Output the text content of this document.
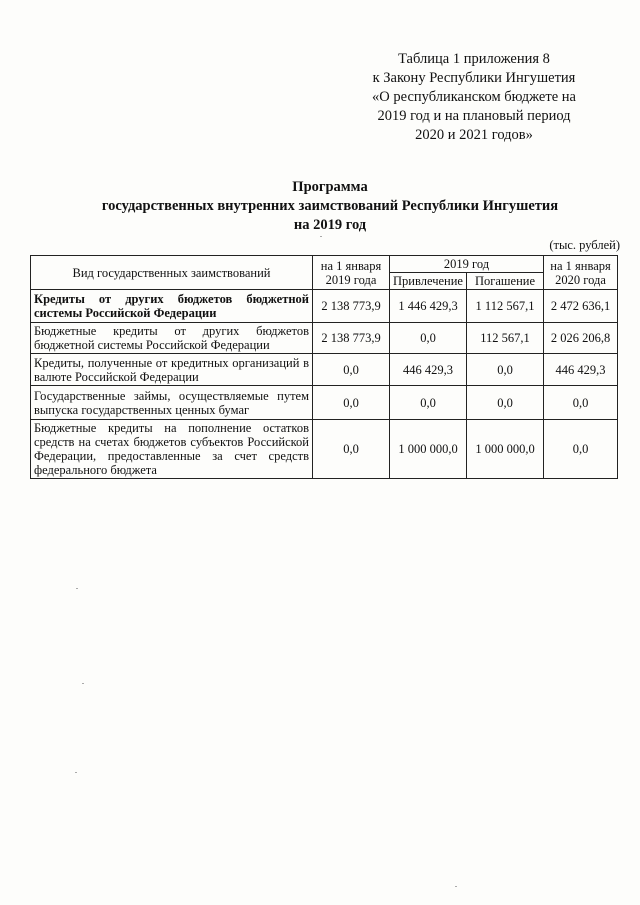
Таблица 1 приложения 8
к Закону Республики Ингушетия
«О республиканском бюджете на
2019 год и на плановый период
2020 и 2021 годов»
Программа
государственных внутренних заимствований Республики Ингушетия
на 2019 год
(тыс. рублей)
Вид государственных заимствований	на 1 января 2019 года	2019 год		на 1 января 2020 года
		Привлечение	Погашение	
Кредиты от других бюджетов бюджетной системы Российской Федерации	2 138 773,9	1 446 429,3	1 112 567,1	2 472 636,1
Бюджетные кредиты от других бюджетов бюджетной системы Российской Федерации	2 138 773,9	0,0	112 567,1	2 026 206,8
Кредиты, полученные от кредитных организаций в валюте Российской Федерации	0,0	446 429,3	0,0	446 429,3
Государственные займы, осуществляемые путем выпуска государственных ценных бумаг	0,0	0,0	0,0	0,0
Бюджетные кредиты на пополнение остатков средств на счетах бюджетов субъектов Российской Федерации, предоставленные за счет средств федерального бюджета	0,0	1 000 000,0	1 000 000,0	0,0
